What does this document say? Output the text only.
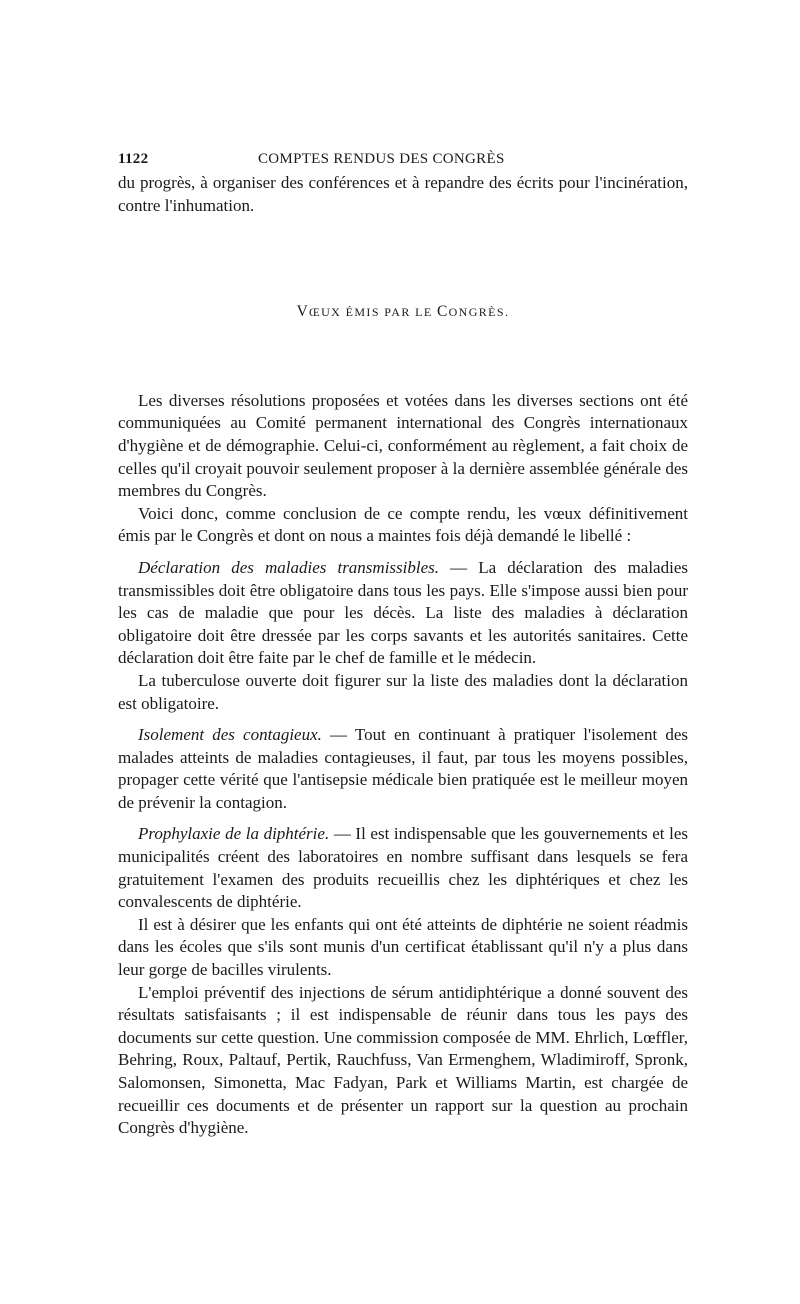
1122	COMPTES RENDUS DES CONGRÈS

du progrès, à organiser des conférences et à repandre des écrits pour l'incinération, contre l'inhumation.

VŒUX ÉMIS PAR LE CONGRÈS.

Les diverses résolutions proposées et votées dans les diverses sections ont été communiquées au Comité permanent international des Congrès internationaux d'hygiène et de démographie. Celui-ci, conformément au règlement, a fait choix de celles qu'il croyait pouvoir seulement proposer à la dernière assemblée générale des membres du Congrès.

Voici donc, comme conclusion de ce compte rendu, les vœux définitivement émis par le Congrès et dont on nous a maintes fois déjà demandé le libellé :

Déclaration des maladies transmissibles. — La déclaration des maladies transmissibles doit être obligatoire dans tous les pays. Elle s'impose aussi bien pour les cas de maladie que pour les décès. La liste des maladies à déclaration obligatoire doit être dressée par les corps savants et les autorités sanitaires. Cette déclaration doit être faite par le chef de famille et le médecin.

La tuberculose ouverte doit figurer sur la liste des maladies dont la déclaration est obligatoire.

Isolement des contagieux. — Tout en continuant à pratiquer l'isolement des malades atteints de maladies contagieuses, il faut, par tous les moyens possibles, propager cette vérité que l'antisepsie médicale bien pratiquée est le meilleur moyen de prévenir la contagion.

Prophylaxie de la diphtérie. — Il est indispensable que les gouvernements et les municipalités créent des laboratoires en nombre suffisant dans lesquels se fera gratuitement l'examen des produits recueillis chez les diphtériques et chez les convalescents de diphtérie.

Il est à désirer que les enfants qui ont été atteints de diphtérie ne soient réadmis dans les écoles que s'ils sont munis d'un certificat établissant qu'il n'y a plus dans leur gorge de bacilles virulents.

L'emploi préventif des injections de sérum antidiphtérique a donné souvent des résultats satisfaisants ; il est indispensable de réunir dans tous les pays des documents sur cette question. Une commission composée de MM. Ehrlich, Lœffler, Behring, Roux, Paltauf, Pertik, Rauchfuss, Van Ermenghem, Wladimiroff, Spronk, Salomonsen, Simonetta, Mac Fadyan, Park et Williams Martin, est chargée de recueillir ces documents et de présenter un rapport sur la question au prochain Congrès d'hygiène.
